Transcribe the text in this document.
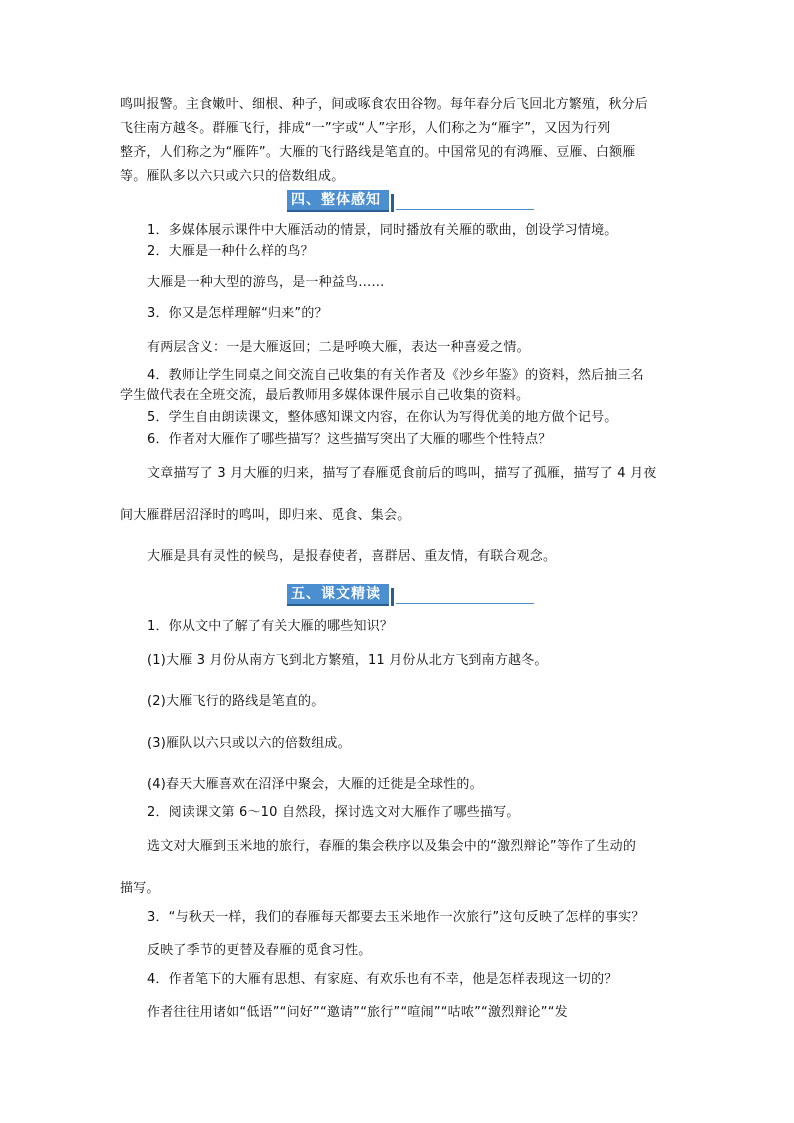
鸣叫报警。主食嫩叶、细根、种子，间或啄食农田谷物。每年春分后飞回北方繁殖，秋分后
飞往南方越冬。群雁飞行，排成“一”字或“人”字形，人们称之为“雁字”，又因为行列
整齐，人们称之为“雁阵”。大雁的飞行路线是笔直的。中国常见的有鸿雁、豆雁、白额雁
等。雁队多以六只或六只的倍数组成。
四、整体感知
1．多媒体展示课件中大雁活动的情景，同时播放有关雁的歌曲，创设学习情境。
2．大雁是一种什么样的鸟？
大雁是一种大型的游鸟，是一种益鸟……
3．你又是怎样理解“归来”的？
有两层含义：一是大雁返回；二是呼唤大雁，表达一种喜爱之情。
4．教师让学生同桌之间交流自己收集的有关作者及《沙乡年鉴》的资料，然后抽三名
学生做代表在全班交流，最后教师用多媒体课件展示自己收集的资料。
5．学生自由朗读课文，整体感知课文内容，在你认为写得优美的地方做个记号。
6．作者对大雁作了哪些描写？这些描写突出了大雁的哪些个性特点？
文章描写了 3 月大雁的归来，描写了春雁觅食前后的鸣叫，描写了孤雁，描写了 4 月夜
间大雁群居沼泽时的鸣叫，即归来、觅食、集会。
大雁是具有灵性的候鸟，是报春使者，喜群居、重友情，有联合观念。
五、课文精读
1．你从文中了解了有关大雁的哪些知识？
(1)大雁 3 月份从南方飞到北方繁殖，11 月份从北方飞到南方越冬。
(2)大雁飞行的路线是笔直的。
(3)雁队以六只或以六的倍数组成。
(4)春天大雁喜欢在沼泽中聚会，大雁的迁徙是全球性的。
2．阅读课文第 6～10 自然段，探讨选文对大雁作了哪些描写。
选文对大雁到玉米地的旅行，春雁的集会秩序以及集会中的“激烈辩论”等作了生动的
描写。
3．“与秋天一样，我们的春雁每天都要去玉米地作一次旅行”这句反映了怎样的事实？
反映了季节的更替及春雁的觅食习性。
4．作者笔下的大雁有思想、有家庭、有欢乐也有不幸，他是怎样表现这一切的？
作者往往用诸如“低语”“问好”“邀请”“旅行”“喧闹”“咕哝”“激烈辩论”“发
